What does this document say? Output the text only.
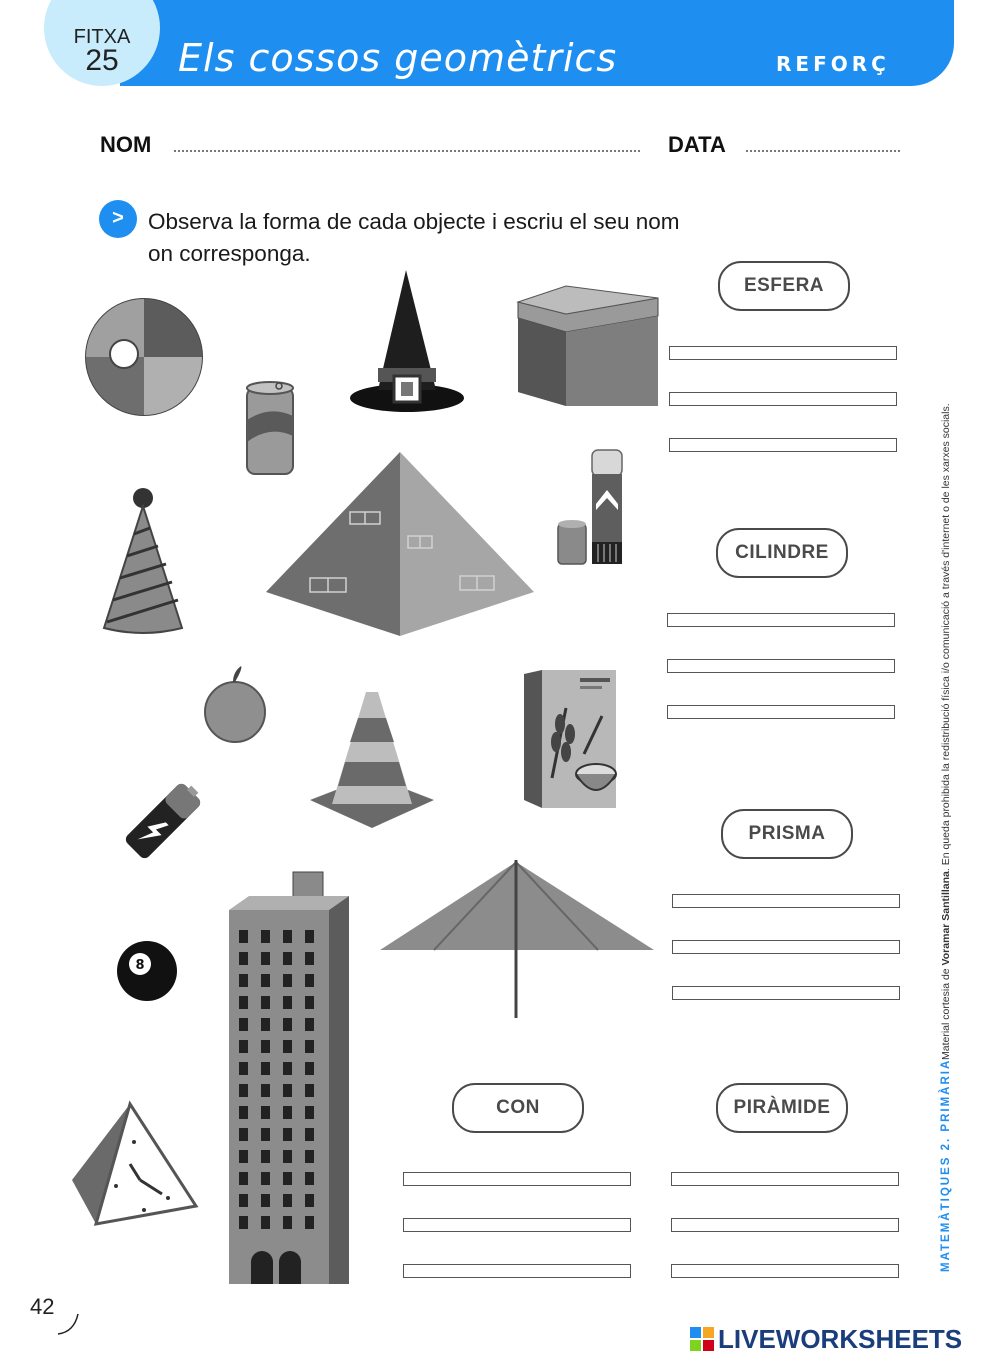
FITXA
25	Els cossos geomètrics	REFORÇ
NOM	DATA
>	Observa la forma de cada objecte i escriu el seu nom
on corresponga.
ESFERA
CILINDRE
PRISMA
CON	PIRÀMIDE
8	Material cortesia de Voramar Santillana. En queda prohibida la redistribució física i/o comunicació a través d'internet o de les xarxes socials.
MATEMÀTIQUES 2. PRIMÀRIA
42
LIVEWORKSHEETS
